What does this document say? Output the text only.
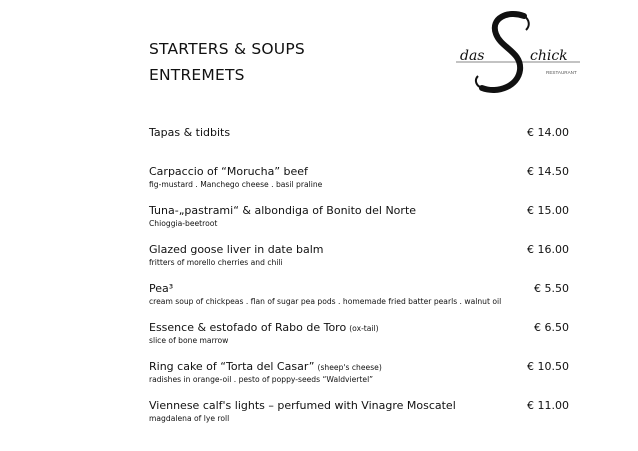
STARTERS & SOUPS
ENTREMETS
das	chick
RESTAURANT
Tapas & tidbits	€ 14.00
Carpaccio of “Morucha” beef
fig-mustard . Manchego cheese . basil praline
€ 14.50
Tuna-„pastrami“ & albondiga of Bonito del Norte
Chioggia-beetroot
€ 15.00
Glazed goose liver in date balm
fritters of morello cherries and chili
€ 16.00
Pea³
cream soup of chickpeas . flan of sugar pea pods . homemade fried batter pearls . walnut oil
€ 5.50
Essence & estofado of Rabo de Toro (ox-tail)
slice of bone marrow
€ 6.50
Ring cake of “Torta del Casar” (sheep's cheese)
radishes in orange-oil . pesto of poppy-seeds “Waldviertel”
€ 10.50
Viennese calf's lights – perfumed with Vinagre Moscatel
magdalena of lye roll
€ 11.00
